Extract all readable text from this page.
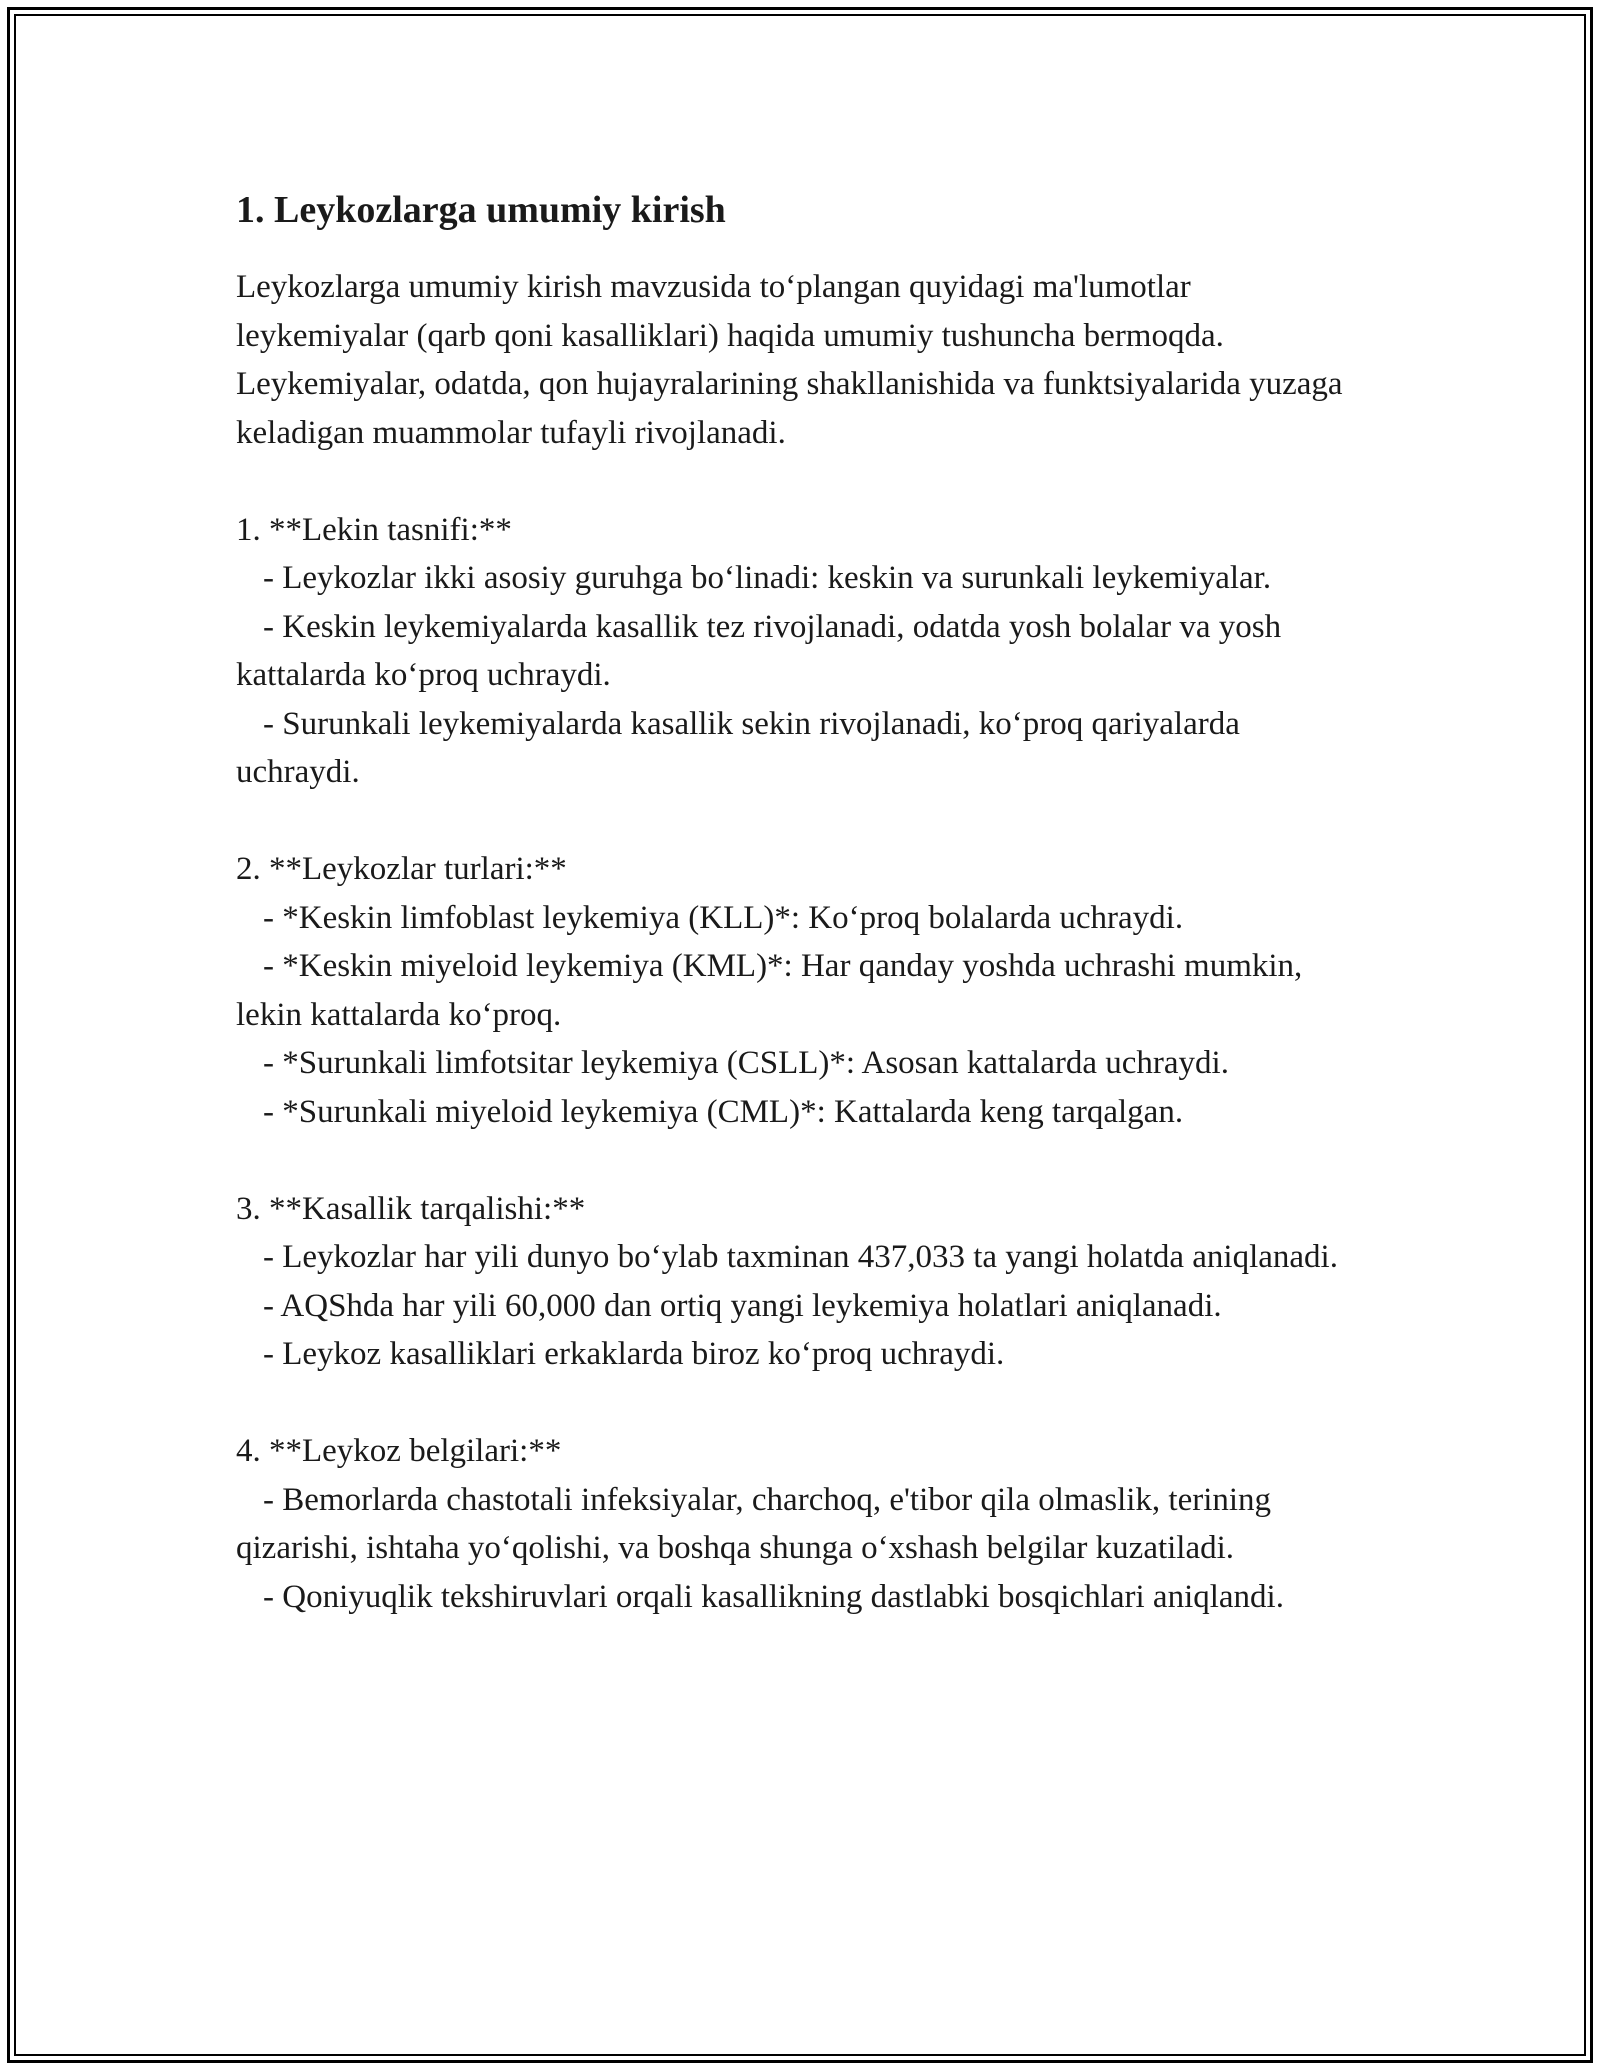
1. Leykozlarga umumiy kirish

Leykozlarga umumiy kirish mavzusida toʻplangan quyidagi ma'lumotlar leykemiyalar (qarb qoni kasalliklari) haqida umumiy tushuncha bermoqda. Leykemiyalar, odatda, qon hujayralarining shakllanishida va funktsiyalarida yuzaga keladigan muammolar tufayli rivojlanadi.

1. **Lekin tasnifi:**

- Leykozlar ikki asosiy guruhga boʻlinadi: keskin va surunkali leykemiyalar.

- Keskin leykemiyalarda kasallik tez rivojlanadi, odatda yosh bolalar va yosh kattalarda koʻproq uchraydi.

- Surunkali leykemiyalarda kasallik sekin rivojlanadi, koʻproq qariyalarda uchraydi.

2. **Leykozlar turlari:**

- *Keskin limfoblast leykemiya (KLL)*: Koʻproq bolalarda uchraydi.

- *Keskin miyeloid leykemiya (KML)*: Har qanday yoshda uchrashi mumkin, lekin kattalarda koʻproq.

- *Surunkali limfotsitar leykemiya (CSLL)*: Asosan kattalarda uchraydi.

- *Surunkali miyeloid leykemiya (CML)*: Kattalarda keng tarqalgan.

3. **Kasallik tarqalishi:**

- Leykozlar har yili dunyo boʻylab taxminan 437,033 ta yangi holatda aniqlanadi.

- AQShda har yili 60,000 dan ortiq yangi leykemiya holatlari aniqlanadi.

- Leykoz kasalliklari erkaklarda biroz koʻproq uchraydi.

4. **Leykoz belgilari:**

- Bemorlarda chastotali infeksiyalar, charchoq, e'tibor qila olmaslik, terining qizarishi, ishtaha yoʻqolishi, va boshqa shunga oʻxshash belgilar kuzatiladi.

- Qoniyuqlik tekshiruvlari orqali kasallikning dastlabki bosqichlari aniqlandi.
